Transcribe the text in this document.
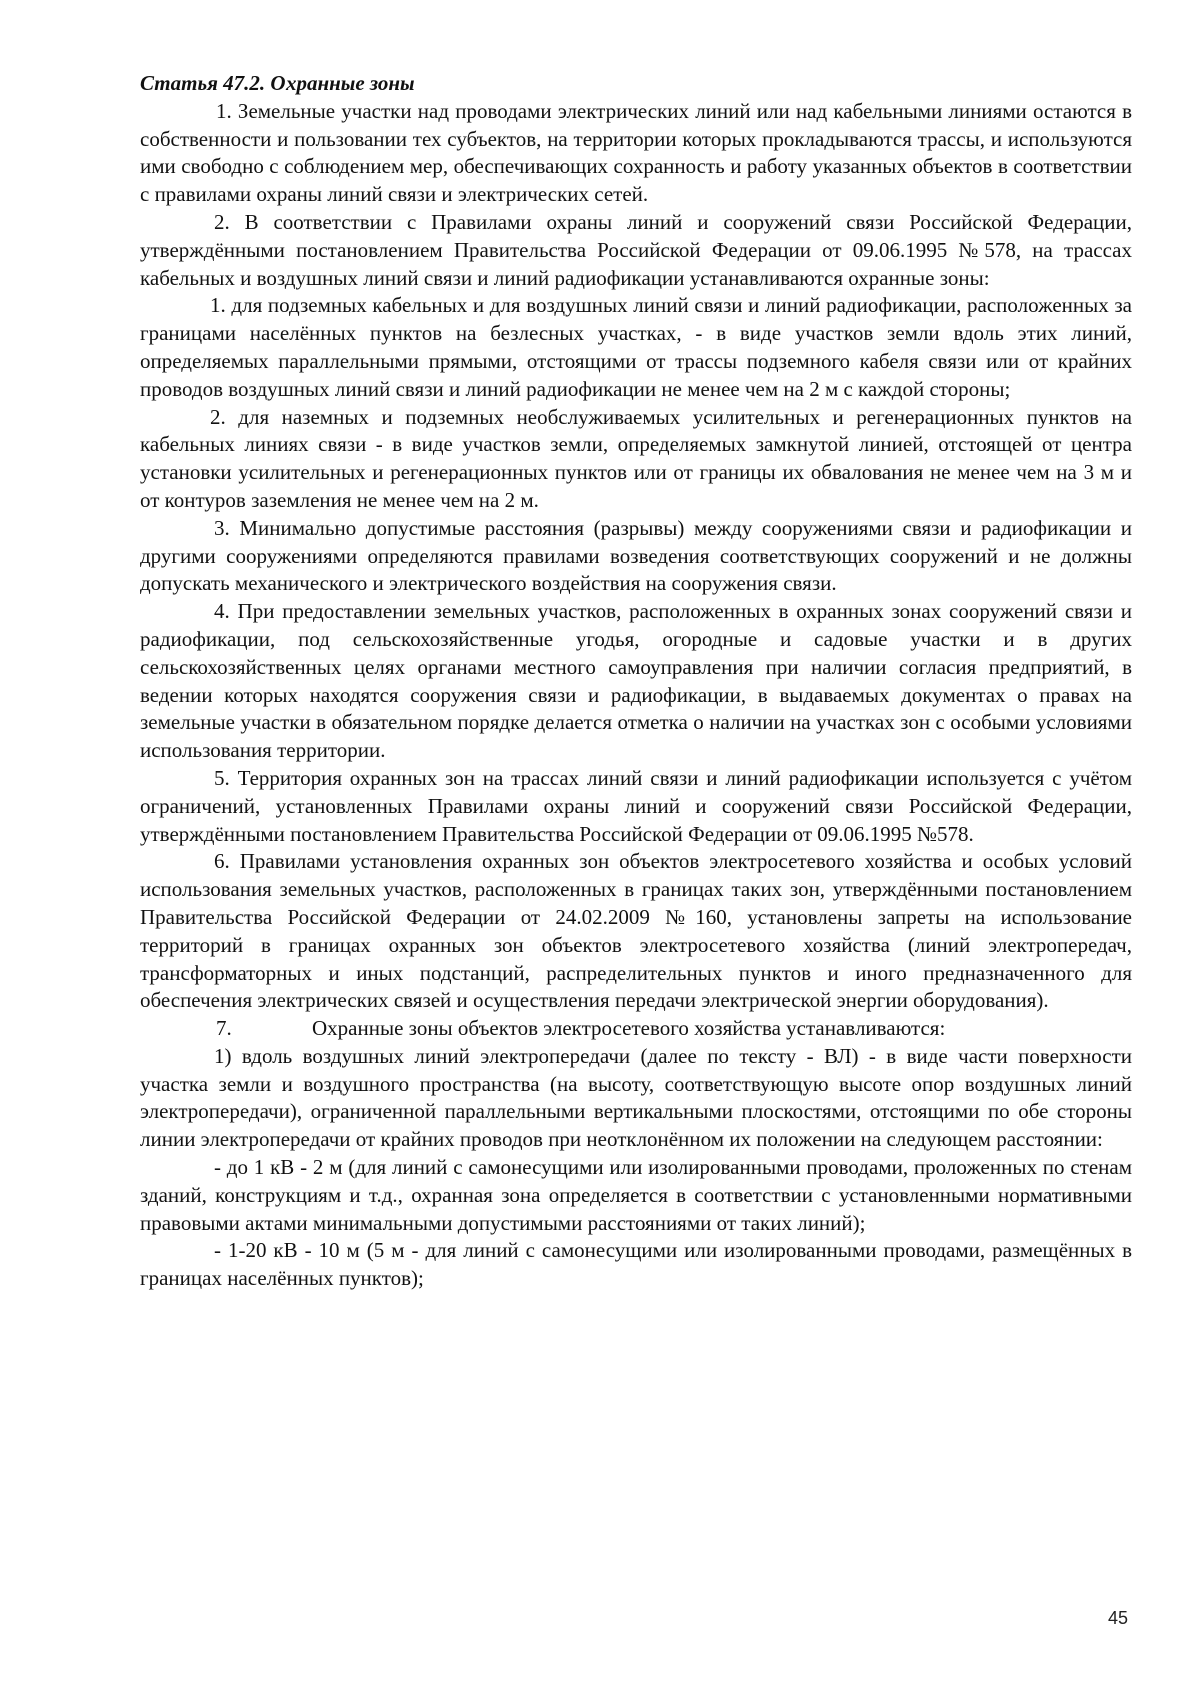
Статья 47.2. Охранные зоны

1. Земельные участки над проводами электрических линий или над кабельными линиями остаются в собственности и пользовании тех субъектов, на территории которых прокладываются трассы, и используются ими свободно с соблюдением мер, обеспечивающих сохранность и работу указанных объектов в соответствии с правилами охраны линий связи и электрических сетей.

2. В соответствии с Правилами охраны линий и сооружений связи Российской Федерации, утверждёнными постановлением Правительства Российской Федерации от 09.06.1995 №578, на трассах кабельных и воздушных линий связи и линий радиофикации устанавливаются охранные зоны:

1. для подземных кабельных и для воздушных линий связи и линий радиофикации, расположенных за границами населённых пунктов на безлесных участках, - в виде участков земли вдоль этих линий, определяемых параллельными прямыми, отстоящими от трассы подземного кабеля связи или от крайних проводов воздушных линий связи и линий радиофикации не менее чем на 2 м с каждой стороны;

2. для наземных и подземных необслуживаемых усилительных и регенерационных пунктов на кабельных линиях связи - в виде участков земли, определяемых замкнутой линией, отстоящей от центра установки усилительных и регенерационных пунктов или от границы их обвалования не менее чем на 3 м и от контуров заземления не менее чем на 2 м.

3. Минимально допустимые расстояния (разрывы) между сооружениями связи и радиофикации и другими сооружениями определяются правилами возведения соответствующих сооружений и не должны допускать механического и электрического воздействия на сооружения связи.

4. При предоставлении земельных участков, расположенных в охранных зонах сооружений связи и радиофикации, под сельскохозяйственные угодья, огородные и садовые участки и в других сельскохозяйственных целях органами местного самоуправления при наличии согласия предприятий, в ведении которых находятся сооружения связи и радиофикации, в выдаваемых документах о правах на земельные участки в обязательном порядке делается отметка о наличии на участках зон с особыми условиями использования территории.

5. Территория охранных зон на трассах линий связи и линий радиофикации используется с учётом ограничений, установленных Правилами охраны линий и сооружений связи Российской Федерации, утверждёнными постановлением Правительства Российской Федерации от 09.06.1995 №578.

6. Правилами установления охранных зон объектов электросетевого хозяйства и особых условий использования земельных участков, расположенных в границах таких зон, утверждёнными постановлением Правительства Российской Федерации от 24.02.2009 №160, установлены запреты на использование территорий в границах охранных зон объектов электросетевого хозяйства (линий электропередач, трансформаторных и иных подстанций, распределительных пунктов и иного предназначенного для обеспечения электрических связей и осуществления передачи электрической энергии оборудования).

7.	Охранные зоны объектов электросетевого хозяйства устанавливаются:

1) вдоль воздушных линий электропередачи (далее по тексту - ВЛ) - в виде части поверхности участка земли и воздушного пространства (на высоту, соответствующую высоте опор воздушных линий электропередачи), ограниченной параллельными вертикальными плоскостями, отстоящими по обе стороны линии электропередачи от крайних проводов при неотклонённом их положении на следующем расстоянии:

- до 1 кВ - 2 м (для линий с самонесущими или изолированными проводами, проложенных по стенам зданий, конструкциям и т.д., охранная зона определяется в соответствии с установленными нормативными правовыми актами минимальными допустимыми расстояниями от таких линий);

- 1-20 кВ - 10 м (5 м - для линий с самонесущими или изолированными проводами, размещённых в границах населённых пунктов);

45
